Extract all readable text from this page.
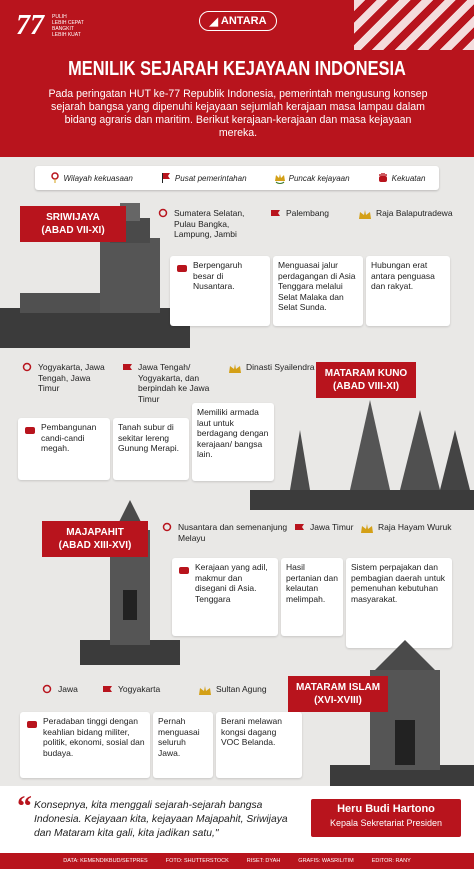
77 PULIH
LEBIH CEPAT
BANGKIT
LEBIH KUAT
◢ ANTARA
MENILIK SEJARAH KEJAYAAN INDONESIA
Pada peringatan HUT ke-77 Republik Indonesia, pemerintah mengusung konsep sejarah bangsa yang dipenuhi kejayaan sejumlah kerajaan masa lampau dalam bidang agraris dan maritim. Berikut kerajaan-kerajaan dan masa kejayaan mereka.
Wilayah kekuasaan	Pusat pemerintahan	Puncak kejayaan	Kekuatan
SRIWIJAYA
(ABAD VII-XI)
Sumatera Selatan, Pulau Bangka, Lampung, Jambi
Palembang	Raja Balaputradewa
Berpengaruh besar di Nusantara.
Menguasai jalur perdagangan di Asia Tenggara melalui Selat Malaka dan Selat Sunda.
Hubungan erat antara penguasa dan rakyat.
Yogyakarta, Jawa Tengah, Jawa Timur
Jawa Tengah/ Yogyakarta, dan berpindah ke Jawa Timur
Dinasti Syailendra
MATARAM KUNO
(ABAD VIII-XI)
Pembangunan candi-candi megah.
Tanah subur di sekitar lereng Gunung Merapi.
Memiliki armada laut untuk berdagang dengan kerajaan/ bangsa lain.
MAJAPAHIT
(ABAD XIII-XVI)
Nusantara dan semenanjung Melayu
Jawa Timur	Raja Hayam Wuruk
Kerajaan yang adil, makmur dan disegani di Asia. Tenggara
Hasil pertanian dan kelautan melimpah.
Sistem perpajakan dan pembagian daerah untuk pemenuhan kebutuhan masyarakat.
Jawa	Yogyakarta	Sultan Agung	MATARAM ISLAM
(XVI-XVIII)
Peradaban tinggi dengan keahlian bidang militer, politik, ekonomi, sosial dan budaya.
Pernah menguasai seluruh Jawa.
Berani melawan kongsi dagang VOC Belanda.
“ Konsepnya, kita menggali sejarah-sejarah bangsa Indonesia. Kejayaan kita, kejayaan Majapahit, Sriwijaya dan Mataram kita gali, kita jadikan satu,"
Heru Budi Hartono
Kepala Sekretariat Presiden
DATA: KEMENDIKBUD/SETPRES	FOTO: SHUTTERSTOCK	RISET: DYAH	GRAFIS: WASRIL/TIM	EDITOR: RANY
